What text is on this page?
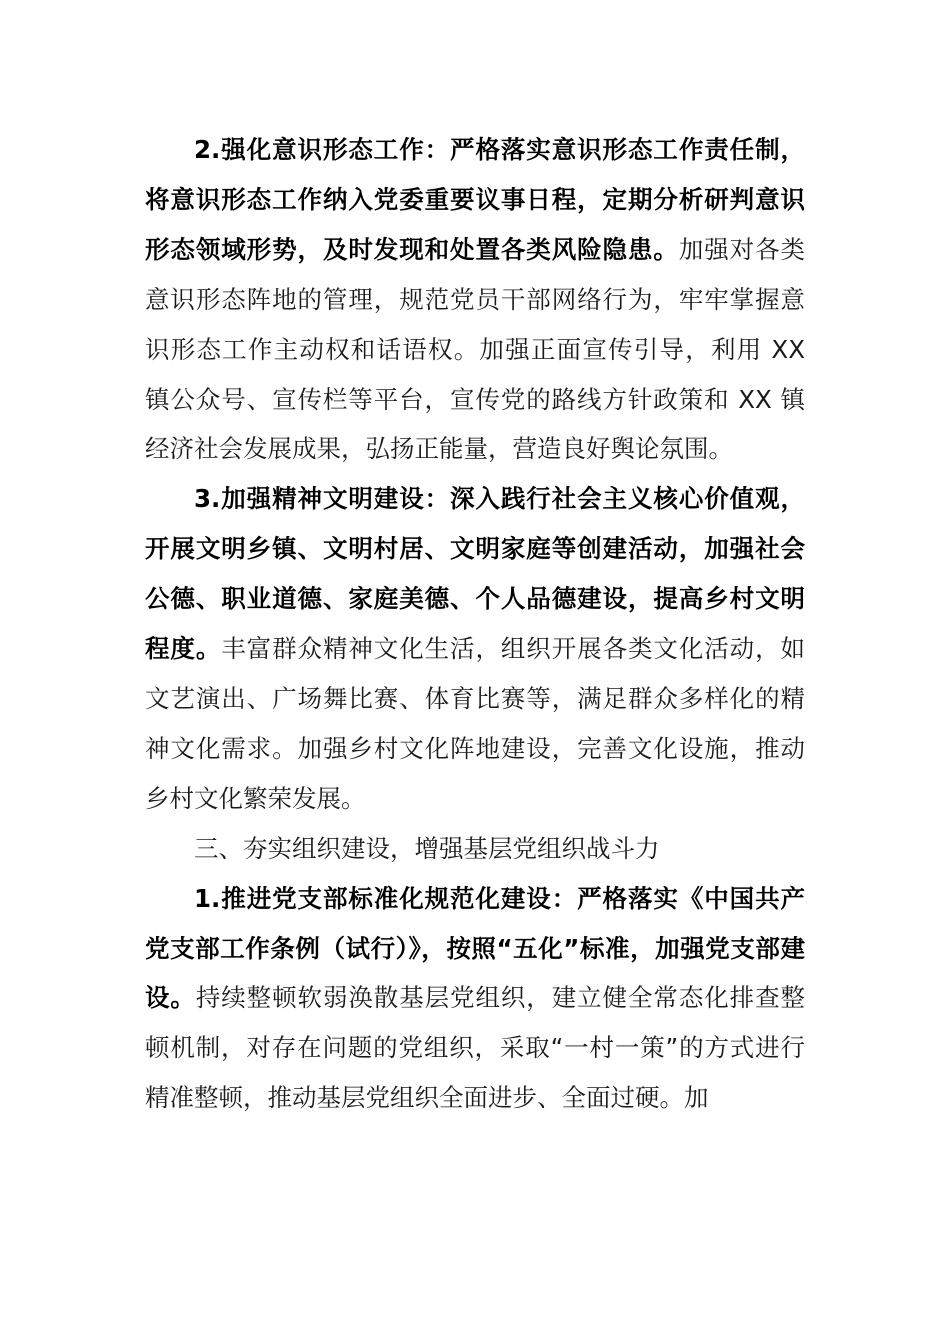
2.强化意识形态工作：严格落实意识形态工作责任制，将意识形态工作纳入党委重要议事日程，定期分析研判意识形态领域形势，及时发现和处置各类风险隐患。加强对各类意识形态阵地的管理，规范党员干部网络行为，牢牢掌握意识形态工作主动权和话语权。加强正面宣传引导，利用 XX 镇公众号、宣传栏等平台，宣传党的路线方针政策和 XX 镇经济社会发展成果，弘扬正能量，营造良好舆论氛围。

3.加强精神文明建设：深入践行社会主义核心价值观，开展文明乡镇、文明村居、文明家庭等创建活动，加强社会公德、职业道德、家庭美德、个人品德建设，提高乡村文明程度。丰富群众精神文化生活，组织开展各类文化活动，如文艺演出、广场舞比赛、体育比赛等，满足群众多样化的精神文化需求。加强乡村文化阵地建设，完善文化设施，推动乡村文化繁荣发展。

三、夯实组织建设，增强基层党组织战斗力

1.推进党支部标准化规范化建设：严格落实《中国共产党支部工作条例（试行）》，按照“五化”标准，加强党支部建设。持续整顿软弱涣散基层党组织，建立健全常态化排查整顿机制，对存在问题的党组织，采取“一村一策”的方式进行精准整顿，推动基层党组织全面进步、全面过硬。加
